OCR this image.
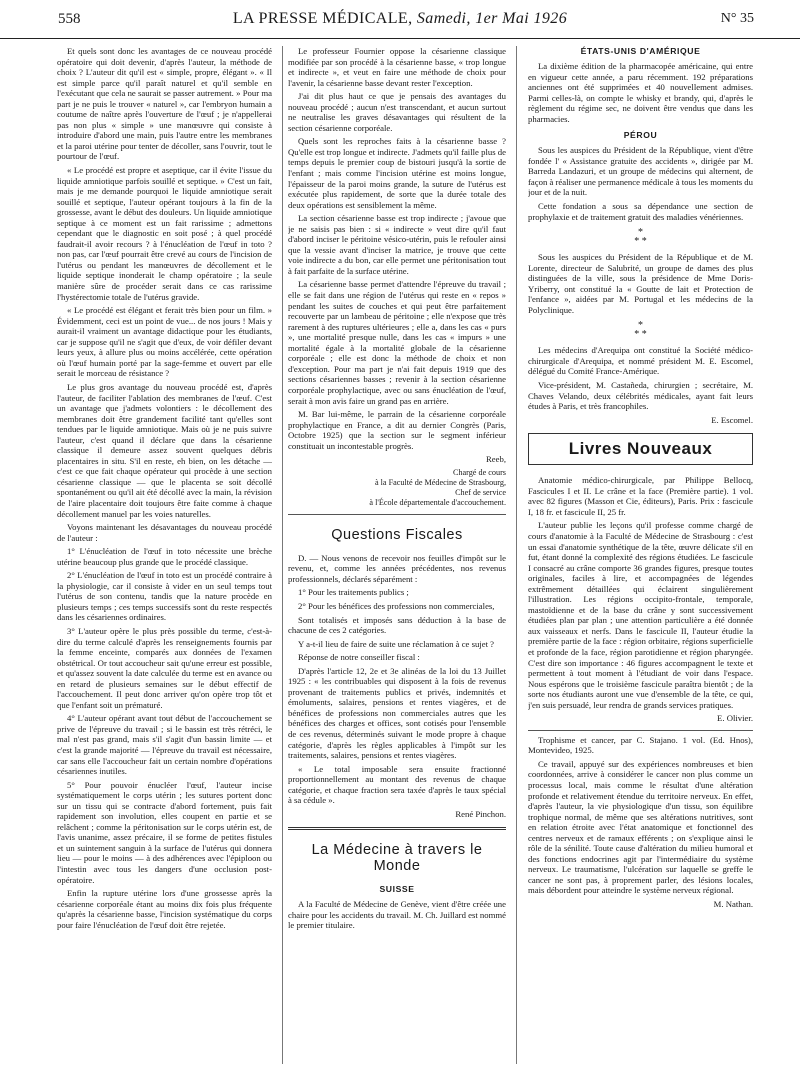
558	LA PRESSE MÉDICALE, Samedi, 1er Mai 1926	N° 35

Et quels sont donc les avantages de ce nouveau procédé opératoire qui doit devenir, d'après l'auteur, la méthode de choix ? L'auteur dit qu'il est « simple, propre, élégant ». « Il est simple parce qu'il paraît naturel et qu'il semble en l'exécutant que cela ne saurait se passer autrement. » Pour ma part je ne puis le trouver « naturel », car l'embryon humain a coutume de naître après l'ouverture de l'œuf ; je n'appellerai pas non plus « simple » une manœuvre qui consiste à introduire d'abord une main, puis l'autre entre les membranes et la paroi utérine pour tenter de décoller, sans l'ouvrir, tout le pourtour de l'œuf.

« Le procédé est propre et aseptique, car il évite l'issue du liquide amniotique parfois souillé et septique. » C'est un fait, mais je me demande pourquoi le liquide amniotique serait souillé et septique, l'auteur opérant toujours à la fin de la grossesse, avant le début des douleurs. Un liquide amniotique septique à ce moment est un fait rarissime ; admettons cependant que le diagnostic en soit posé ; à quel procédé faudrait-il avoir recours ? à l'énucléation de l'œuf in toto ? non pas, car l'œuf pourrait être crevé au cours de l'incision de l'utérus ou pendant les manœuvres de décollement et le liquide septique inonderait le champ opératoire ; la seule manière sûre de procéder serait dans ce cas rarissime l'hystérectomie totale de l'utérus gravide.

« Le procédé est élégant et ferait très bien pour un film. » Évidemment, ceci est un point de vue... de nos jours ! Mais y aurait-il vraiment un avantage didactique pour les étudiants, car je suppose qu'il ne s'agit que d'eux, de voir défiler devant leurs yeux, à allure plus ou moins accélérée, cette opération où l'œuf humain porté par la sage-femme et ouvert par elle serait le morceau de résistance ?

Le plus gros avantage du nouveau procédé est, d'après l'auteur, de faciliter l'ablation des membranes de l'œuf. C'est un avantage que j'admets volontiers : le décollement des membranes doit être grandement facilité tant qu'elles sont tendues par le liquide amniotique. Mais où je ne puis suivre l'auteur, c'est quand il déclare que dans la césarienne classique il demeure assez souvent quelques débris placentaires in situ. S'il en reste, eh bien, on les détache — c'est ce que fait chaque opérateur qui procède à une section césarienne classique — que le placenta se soit décollé spontanément ou qu'il ait été décollé avec la main, la révision de l'aire placentaire doit toujours être faite comme à chaque décollement manuel par les voies naturelles.

Voyons maintenant les désavantages du nouveau procédé de l'auteur :

1° L'énucléation de l'œuf in toto nécessite une brèche utérine beaucoup plus grande que le procédé classique.

2° L'énucléation de l'œuf in toto est un procédé contraire à la physiologie, car il consiste à vider en un seul temps tout l'utérus de son contenu, tandis que la nature procède en plusieurs temps ; ces temps successifs sont du reste respectés dans les césariennes ordinaires.

3° L'auteur opère le plus près possible du terme, c'est-à-dire du terme calculé d'après les renseignements fournis par la femme enceinte, comparés aux données de l'examen obstétrical. Or tout accoucheur sait qu'une erreur est possible, et qu'assez souvent la date calculée du terme est en avance ou en retard de plusieurs semaines sur le début effectif de l'accouchement. Il peut donc arriver qu'on opère trop tôt et que l'enfant soit un prématuré.

4° L'auteur opérant avant tout début de l'accouchement se prive de l'épreuve du travail ; si le bassin est très rétréci, le mal n'est pas grand, mais s'il s'agit d'un bassin limite — et c'est la grande majorité — l'épreuve du travail est nécessaire, car sans elle l'accoucheur fait un certain nombre d'opérations césariennes inutiles.

5° Pour pouvoir énucléer l'œuf, l'auteur incise systématiquement le corps utérin ; les sutures portent donc sur un tissu qui se contracte d'abord fortement, puis fait rapidement son involution, elles coupent en partie et se relâchent ; comme la péritonisation sur le corps utérin est, de l'avis unanime, assez précaire, il se forme de petites fistules et un suintement sanguin à la surface de l'utérus qui donnera lieu — pour le moins — à des adhérences avec l'épiploon ou l'intestin avec tous les dangers d'une occlusion post-opératoire.

Enfin la rupture utérine lors d'une grossesse après la césarienne corporéale étant au moins dix fois plus fréquente qu'après la césarienne basse, l'incision systématique du corps pour faire l'énucléation de l'œuf doit être rejetée.

Le professeur Fournier oppose la césarienne classique modifiée par son procédé à la césarienne basse, « trop longue et indirecte », et veut en faire une méthode de choix pour l'avenir, la césarienne basse devant rester l'exception.

J'ai dit plus haut ce que je pensais des avantages du nouveau procédé ; aucun n'est transcendant, et aucun surtout ne neutralise les graves désavantages qui résultent de la section césarienne corporéale.

Quels sont les reproches faits à la césarienne basse ? Qu'elle est trop longue et indirecte. J'admets qu'il faille plus de temps depuis le premier coup de bistouri jusqu'à la sortie de l'enfant ; mais comme l'incision utérine est moins longue, l'épaisseur de la paroi moins grande, la suture de l'utérus est exécutée plus rapidement, de sorte que la durée totale des deux opérations est sensiblement la même.

La section césarienne basse est trop indirecte ; j'avoue que je ne saisis pas bien : si « indirecte » veut dire qu'il faut d'abord inciser le péritoine vésico-utérin, puis le refouler ainsi que la vessie avant d'inciser la matrice, je trouve que cette voie indirecte a du bon, car elle permet une péritonisation tout à fait parfaite de la surface utérine.

La césarienne basse permet d'attendre l'épreuve du travail ; elle se fait dans une région de l'utérus qui reste en « repos » pendant les suites de couches et qui peut être parfaitement recouverte par un lambeau de péritoine ; elle n'expose que très rarement à des ruptures ultérieures ; elle a, dans les cas « purs », une mortalité presque nulle, dans les cas « impurs » une mortalité égale à la mortalité globale de la césarienne corporéale ; elle est donc la méthode de choix et non d'exception. Pour ma part je n'ai fait depuis 1919 que des sections césariennes basses ; revenir à la section césarienne corporéale prophylactique, avec ou sans énucléation de l'œuf, serait à mon avis faire un grand pas en arrière.

M. Bar lui-même, le parrain de la césarienne corporéale prophylactique en France, a dit au dernier Congrès (Paris, Octobre 1925) que la section sur le segment inférieur constituait un incontestable progrès.

Reeb,

Chargé de cours

à la Faculté de Médecine de Strasbourg,

Chef de service

à l'École départementale d'accouchement.

Questions Fiscales

D. — Nous venons de recevoir nos feuilles d'impôt sur le revenu, et, comme les années précédentes, nos revenus professionnels, déclarés séparément :

1° Pour les traitements publics ;

2° Pour les bénéfices des professions non commerciales,

Sont totalisés et imposés sans déduction à la base de chacune de ces 2 catégories.

Y a-t-il lieu de faire de suite une réclamation à ce sujet ?

Réponse de notre conseiller fiscal :

D'après l'article 12, 2e et 3e alinéas de la loi du 13 Juillet 1925 : « les contribuables qui disposent à la fois de revenus provenant de traitements publics et privés, indemnités et émoluments, salaires, pensions et rentes viagères, et de bénéfices de professions non commerciales autres que les bénéfices des charges et offices, sont cotisés pour l'ensemble de ces revenus, déterminés suivant le mode propre à chaque catégorie, d'après les règles applicables à l'impôt sur les traitements, salaires, pensions et rentes viagères.

« Le total imposable sera ensuite fractionné proportionnellement au montant des revenus de chaque catégorie, et chaque fraction sera taxée d'après le taux spécial à sa cédule ».

René Pinchon.

La Médecine à travers le Monde
SUISSE

A la Faculté de Médecine de Genève, vient d'être créée une chaire pour les accidents du travail. M. Ch. Juillard est nommé le premier titulaire.

ÉTATS-UNIS D'AMÉRIQUE

La dixième édition de la pharmacopée américaine, qui entre en vigueur cette année, a paru récemment. 192 préparations anciennes ont été supprimées et 40 nouvellement admises. Parmi celles-là, on compte le whisky et brandy, qui, d'après le règlement du régime sec, ne doivent être vendus que dans les pharmacies.

PÉROU

Sous les auspices du Président de la République, vient d'être fondée l' « Assistance gratuite des accidents », dirigée par M. Barreda Landazuri, et un groupe de médecins qui alternent, de façon à réaliser une permanence médicale à tous les moments du jour et de la nuit.

Cette fondation a sous sa dépendance une section de prophylaxie et de traitement gratuit des maladies vénériennes.

*
* *

Sous les auspices du Président de la République et de M. Lorente, directeur de Salubrité, un groupe de dames des plus distinguées de la ville, sous la présidence de Mme Doris-Yriberry, ont constitué la « Goutte de lait et Protection de l'enfance », aidées par M. Portugal et les médecins de la Polyclinique.

*
* *

Les médecins d'Arequipa ont constitué la Société médico-chirurgicale d'Arequipa, et nommé président M. E. Escomel, délégué du Comité France-Amérique.

Vice-président, M. Castañeda, chirurgien ; secrétaire, M. Chaves Velando, deux célébrités médicales, ayant fait leurs études à Paris, et très francophiles.

E. Escomel.

Livres Nouveaux

Anatomie médico-chirurgicale, par Philippe Bellocq, Fascicules I et II. Le crâne et la face (Première partie). 1 vol. avec 82 figures (Masson et Cie, éditeurs), Paris. Prix : fascicule I, 18 fr. et fascicule II, 25 fr.

L'auteur publie les leçons qu'il professe comme chargé de cours d'anatomie à la Faculté de Médecine de Strasbourg : c'est un essai d'anatomie synthétique de la tête, œuvre délicate s'il en fut, étant donné la complexité des régions étudiées. Le fascicule I consacré au crâne comporte 36 grandes figures, presque toutes originales, faciles à lire, et accompagnées de légendes extrêmement détaillées qui éclairent singulièrement l'illustration. Les régions occipito-frontale, temporale, mastoïdienne et de la base du crâne y sont successivement étudiées plan par plan ; une attention particulière a été donnée aux vaisseaux et nerfs. Dans le fascicule II, l'auteur étudie la première partie de la face : région orbitaire, régions superficielle et profonde de la face, région parotidienne et région pharyngée. C'est dire son importance : 46 figures accompagnent le texte et permettent à tout moment à l'étudiant de voir dans l'espace. Nous espérons que le troisième fascicule paraîtra bientôt ; de la sorte nos étudiants auront une vue d'ensemble de la tête, ce qui, j'en suis persuadé, leur rendra de grands services pratiques.

E. Olivier.

Trophisme et cancer, par C. Stajano. 1 vol. (Ed. Hnos), Montevideo, 1925.

Ce travail, appuyé sur des expériences nombreuses et bien coordonnées, arrive à considérer le cancer non plus comme un processus local, mais comme le résultat d'une altération profonde et relativement étendue du territoire nerveux. En effet, d'après l'auteur, la vie physiologique d'un tissu, son équilibre trophique normal, de même que ses altérations nutritives, sont en relation étroite avec l'état anatomique et fonctionnel des centres nerveux et de ramaux efférents ; on s'explique ainsi le rôle de la sénilité. Toute cause d'altération du milieu humoral et des fonctions endocrines agit par l'intermédiaire du système nerveux. Le traumatisme, l'ulcération sur laquelle se greffe le cancer ne sont pas, à proprement parler, des lésions locales, mais débordent pour atteindre le système nerveux régional.

M. Nathan.
